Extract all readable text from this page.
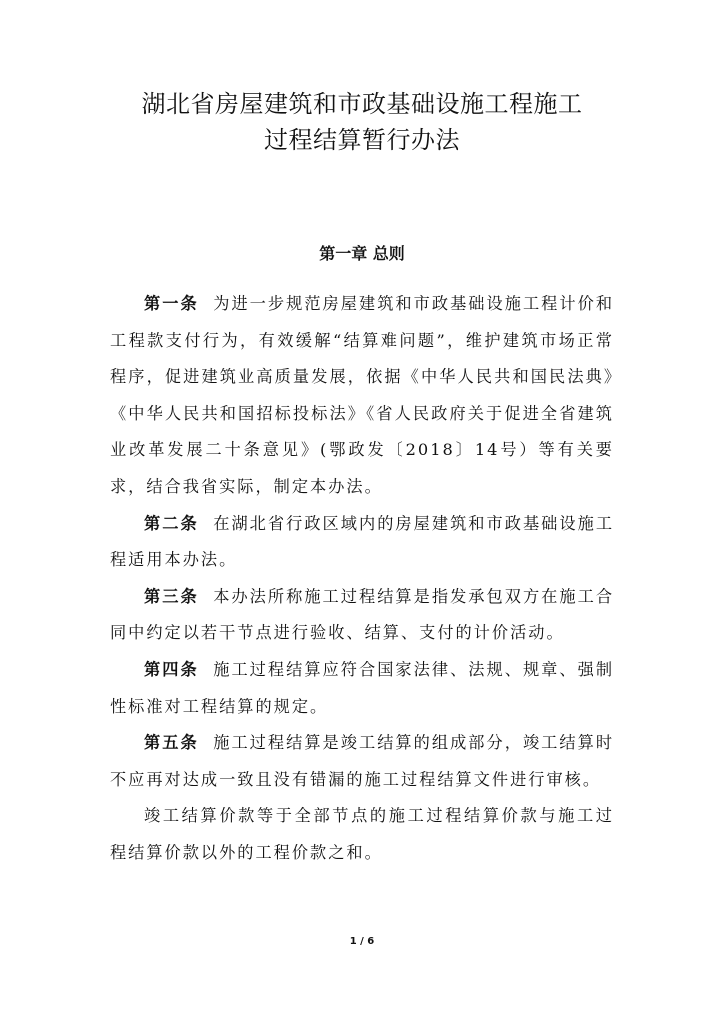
湖北省房屋建筑和市政基础设施工程施工
过程结算暂行办法
第一章 总则

第一条 为进一步规范房屋建筑和市政基础设施工程计价和工程款支付行为，有效缓解“结算难问题”，维护建筑市场正常程序，促进建筑业高质量发展，依据《中华人民共和国民法典》《中华人民共和国招标投标法》《省人民政府关于促进全省建筑业改革发展二十条意见》(鄂政发〔2018〕14号）等有关要求，结合我省实际，制定本办法。

第二条 在湖北省行政区域内的房屋建筑和市政基础设施工程适用本办法。

第三条 本办法所称施工过程结算是指发承包双方在施工合同中约定以若干节点进行验收、结算、支付的计价活动。

第四条 施工过程结算应符合国家法律、法规、规章、强制性标准对工程结算的规定。

第五条 施工过程结算是竣工结算的组成部分，竣工结算时不应再对达成一致且没有错漏的施工过程结算文件进行审核。

竣工结算价款等于全部节点的施工过程结算价款与施工过程结算价款以外的工程价款之和。

1 / 6
